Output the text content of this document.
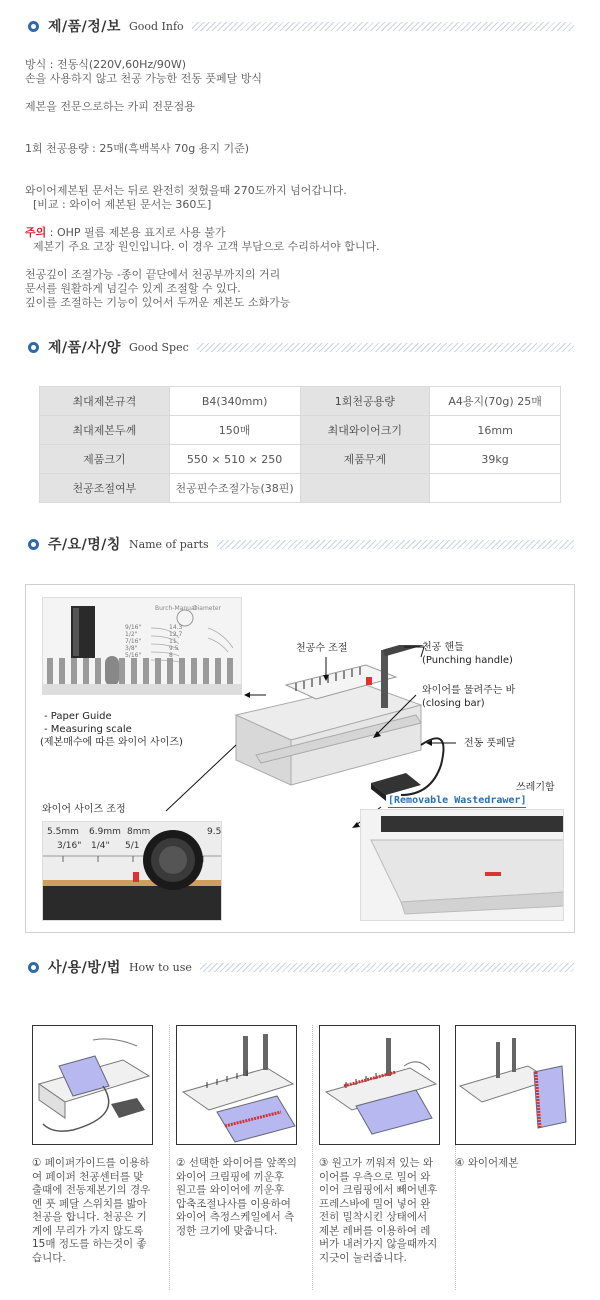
제/품/정/보 Good Info

방식 : 전동식(220V,60Hz/90W)

손을 사용하지 않고 천공 가능한 전동 풋페달 방식

제본을 전문으로하는 카피 전문점용

1회 천공용량 : 25매(흑백복사 70g 용지 기준)

와이어제본된 문서는 뒤로 완전히 젖혔을때 270도까지 넘어갑니다.

[비교 : 와이어 제본된 문서는 360도]

주의 : OHP 필름 제본용 표지로 사용 불가

제본기 주요 고장 원인입니다. 이 경우 고객 부담으로 수리하셔야 합니다.

천공깊이 조절가능 -종이 끝단에서 천공부까지의 거리

문서를 원활하게 넘길수 있게 조절할 수 있다.

깊이를 조절하는 기능이 있어서 두꺼운 제본도 소화가능

제/품/사/양 Good Spec
최대제본규격	B4(340mm)	1회천공용량	A4용지(70g) 25매
최대제본두께	150매	최대와이어크기	16mm
제품크기	550 × 510 × 250	제품무게	39kg
천공조절여부	천공핀수조절가능(38핀)		
주/요/명/칭 Name of parts
Burch-Manual
Diameter
9/16"
1/2"
7/16"
3/8"
5/16"
14.3
12.7
11
9.5
8
- Paper Guide
- Measuring scale
(제본매수에 따른 와이어 사이즈)
천공수 조절	천공 핸들
(Punching handle)
와이어를 물려주는 바
(closing bar)
전동 풋페달
쓰레기함
[Removable Wastedrawer]
와이어 사이즈 조정
5.5mm 6.9mm 8mm	9.5
3/16" 1/4" 5/1
사/용/방/법 How to use
① 페이퍼가이드를 이용하여 페이퍼 천공센터를 맞출때에 전동제본기의 경우엔 풋 페달 스위치를 밟아 천공을 합니다. 천공은 기계에 무리가 가지 않도록 15매 정도를 하는것이 좋습니다.
② 선택한 와이어를 앞쪽의 와이어 크림핑에 끼운후 원고를 와이어에 끼운후 압축조절나사를 이용하여 와이어 측정스케일에서 측정한 크기에 맞춥니다.
③ 원고가 끼워져 있는 와이어를 우측으로 밀어 와이어 크림핑에서 빼어넨후 프레스바에 밀어 넣어 완전히 밀착시킨 상태에서 제본 레버를 이용하여 레버가 내려가지 않을때까지 지긋이 눌러줍니다.
④ 와이어제본
